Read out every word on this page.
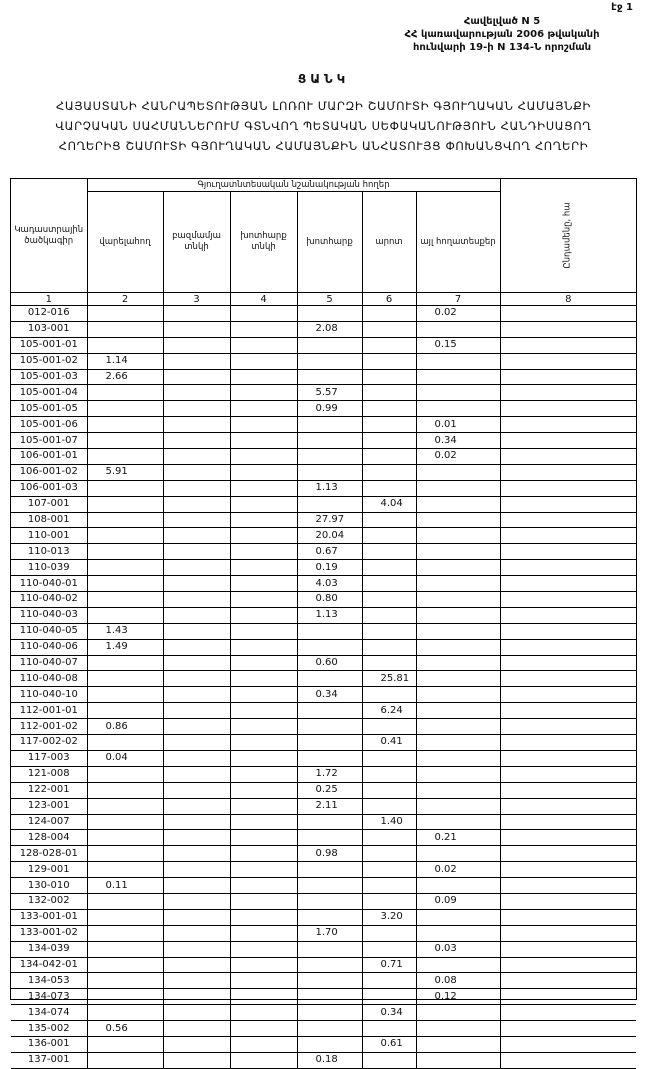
էջ 1
Հավելված N 5
ՀՀ կառավարության 2006 թվականի
հունվարի 19-ի N 134-Ն որոշման
ՑԱՆԿ
ՀԱՅԱՍՏԱՆԻ ՀԱՆՐԱՊԵՏՈՒԹՅԱՆ ԼՈՌՈՒ ՄԱՐԶԻ ՇԱՄՈՒՏԻ ԳՅՈՒՂԱԿԱՆ ՀԱՄԱՅՆՔԻ
ՎԱՐՉԱԿԱՆ ՍԱՀՄԱՆՆԵՐՈՒՄ ԳՏՆՎՈՂ ՊԵՏԱԿԱՆ ՍԵՓԱԿԱՆՈՒԹՅՈՒՆ ՀԱՆԴԻՍԱՑՈՂ
ՀՈՂԵՐԻՑ ՇԱՄՈՒՏԻ ԳՅՈՒՂԱԿԱՆ ՀԱՄԱՅՆՔԻՆ ԱՆՀԱՏՈՒՅՑ ՓՈԽԱՆՑՎՈՂ ՀՈՂԵՐԻ
Կադաստրային ծածկագիր	Գյուղատնտեսական նշանակության հողեր						Ընդամենը, հա
	վարելահող	բազմամյա տնկի	խոտհարք տնկի	խոտհարք	արոտ	այլ հողատեսքեր	
1	2	3	4	5	6	7	8
012-016						0.02	
103-001				2.08			
105-001-01						0.15	
105-001-02	1.14						
105-001-03	2.66						
105-001-04				5.57			
105-001-05				0.99			
105-001-06						0.01	
105-001-07						0.34	
106-001-01						0.02	
106-001-02	5.91						
106-001-03				1.13			
107-001					4.04		
108-001				27.97			
110-001				20.04			
110-013				0.67			
110-039				0.19			
110-040-01				4.03			
110-040-02				0.80			
110-040-03				1.13			
110-040-05	1.43						
110-040-06	1.49						
110-040-07				0.60			
110-040-08					25.81		
110-040-10				0.34			
112-001-01					6.24		
112-001-02	0.86						
117-002-02					0.41		
117-003	0.04						
121-008				1.72			
122-001				0.25			
123-001				2.11			
124-007					1.40		
128-004						0.21	
128-028-01				0.98			
129-001						0.02	
130-010	0.11						
132-002						0.09	
133-001-01					3.20		
133-001-02				1.70			
134-039						0.03	
134-042-01					0.71		
134-053						0.08	
134-073						0.12	
134-074					0.34		
135-002	0.56						
136-001					0.61		
137-001				0.18			
